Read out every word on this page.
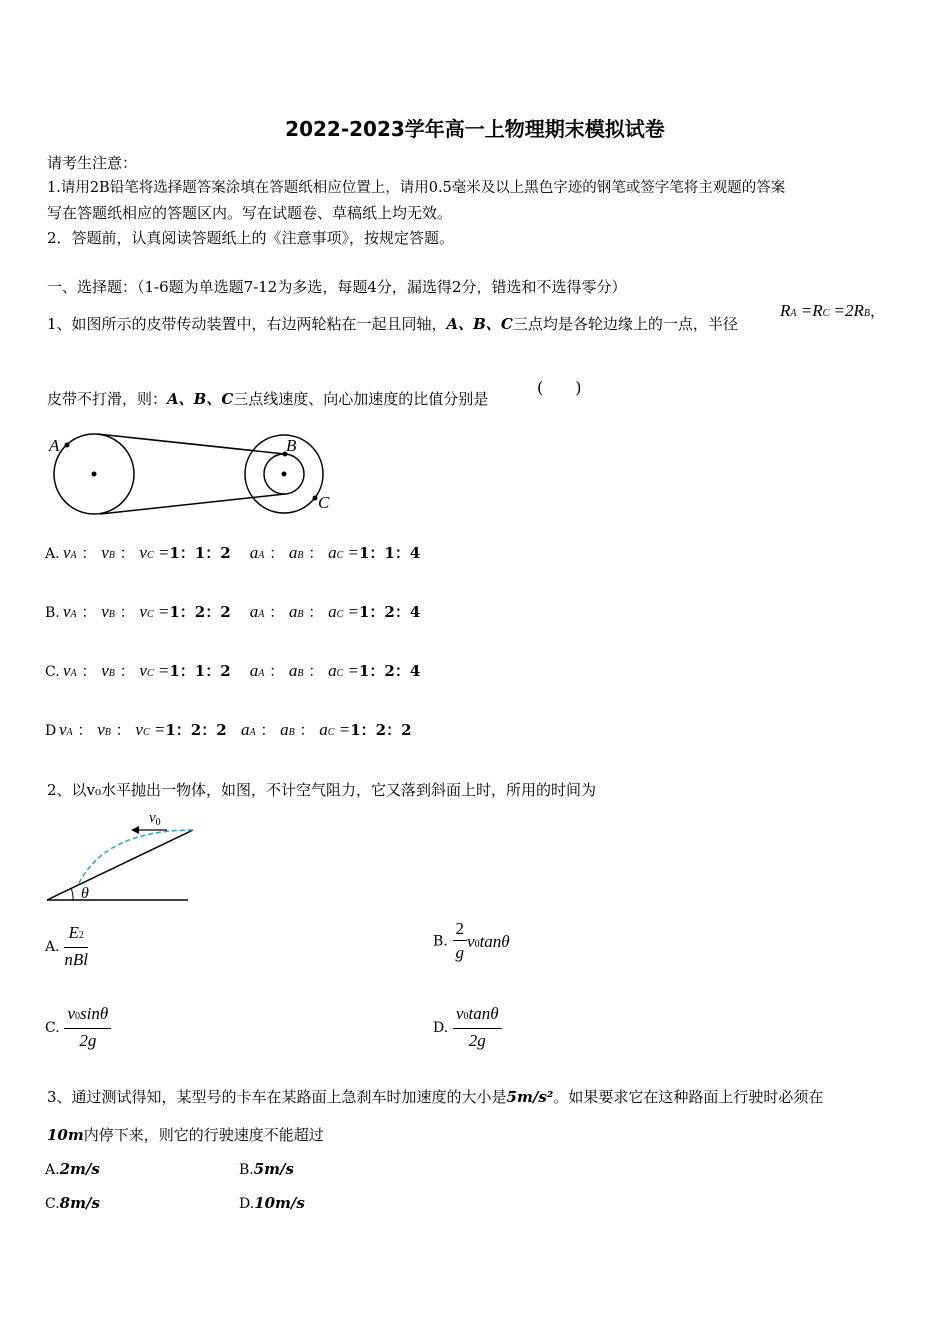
2022-2023学年高一上物理期末模拟试卷
请考生注意：
1.请用2B铅笔将选择题答案涂填在答题纸相应位置上，请用0.5毫米及以上黑色字迹的钢笔或签字笔将主观题的答案
写在答题纸相应的答题区内。写在试题卷、草稿纸上均无效。
2．答题前，认真阅读答题纸上的《注意事项》，按规定答题。
一、选择题：（1-6题为单选题7-12为多选，每题4分，漏选得2分，错选和不选得零分）
1、如图所示的皮带传动装置中，右边两轮粘在一起且同轴，A、B、C三点均是各轮边缘上的一点，半径
RA =RC =2RB，
(　　)
皮带不打滑，则：A、B、C三点线速度、向心加速度的比值分别是
A	B
C
A. vA ： vB ： vC =1：1：2 aA ： aB ： aC =1：1：4
B. vA ： vB ： vC =1：2：2 aA ： aB ： aC =1：2：4
C. vA ： vB ： vC =1：1：2 aA ： aB ： aC =1：2：4
D vA ： vB ： vC =1：2：2 aA ： aB ： aC =1：2：2
2、以v₀水平抛出一物体，如图，不计空气阻力，它又落到斜面上时，所用的时间为
$v_0$
θ
A. $\frac{E2}{\text{nBl}}$	B. $\frac{2}{g} v0\tan\theta$
C. $\frac{v0\sin\theta}{2g}$	D. $\frac{v0\tan\theta}{2g}$
3、通过测试得知，某型号的卡车在某路面上急刹车时加速度的大小是5m/s²。如果要求它在这种路面上行驶时必须在
10m内停下来，则它的行驶速度不能超过
A.2m/s	B.5m/s
C.8m/s	D.10m/s
